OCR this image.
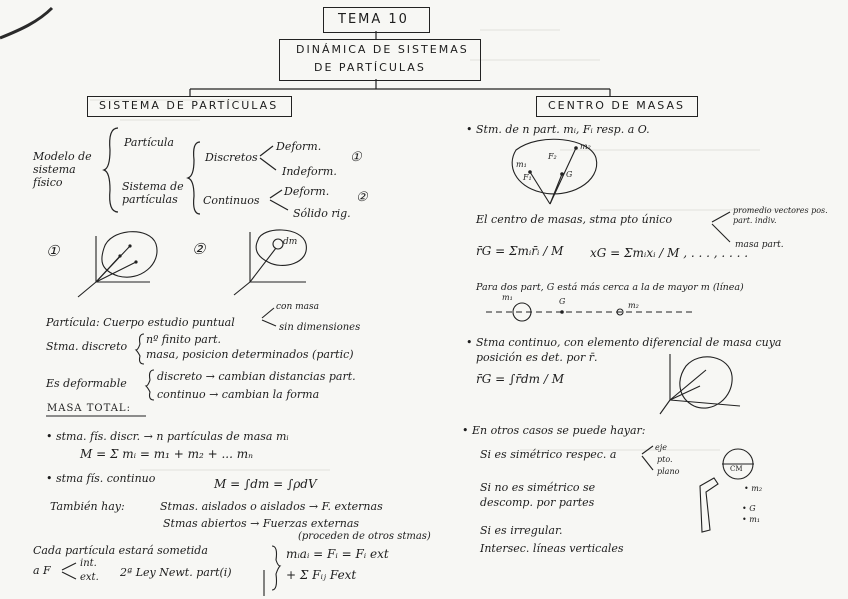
TEMA 10
DINÁMICA DE SISTEMAS
DE PARTÍCULAS
SISTEMA DE PARTÍCULAS	CENTRO DE MASAS
Modelo de sistema físico
Partícula
Sistema de partículas
Discretos
Deform.
Indeform.
Continuos
Deform.
Sólido rig.
①
②
①	②	dm
Partícula: Cuerpo estudio puntual
con masa
sin dimensiones
Stma. discreto
nº finito part.
masa, posicion determinados (partic)
Es deformable
discreto → cambian distancias part.
continuo → cambian la forma
MASA TOTAL:
• stma. fís. discr. → n partículas de masa mᵢ
M = Σ mᵢ = m₁ + m₂ + ... mₙ
• stma fís. continuo	M = ∫dm = ∫ρdV
También hay:	Stmas. aislados o aislados → F. externas
Stmas abiertos → Fuerzas externas
(proceden de otros stmas)
Cada partícula estará sometida
a F
int.
ext. 2ª Ley Newt. part(i)
mᵢaᵢ = Fᵢ = Fᵢ ext
+ Σ Fᵢⱼ Fext
• Stm. de n part. mᵢ, Fᵢ resp. a O.
m₁
m₂
F₁
F₂
G
El centro de masas, stma pto único
promedio vectores pos. part. indiv.
masa part.
r̄G = Σmᵢr̄ᵢ / M xG = Σmᵢxᵢ / M , . . . , . . . .
Para dos part, G está más cerca a la de mayor m (línea)
m₁	G	m₂
• Stma continuo, con elemento diferencial de masa cuya
posición es det. por r̄.
r̄G = ∫r̄dm / M
• En otros casos se puede hayar:
Si es simétrico respec. a
eje
pto.
plano	CM
Si no es simétrico se descomp. por partes
• m₂
• G
• m₁
Si es irregular.
Intersec. líneas verticales
